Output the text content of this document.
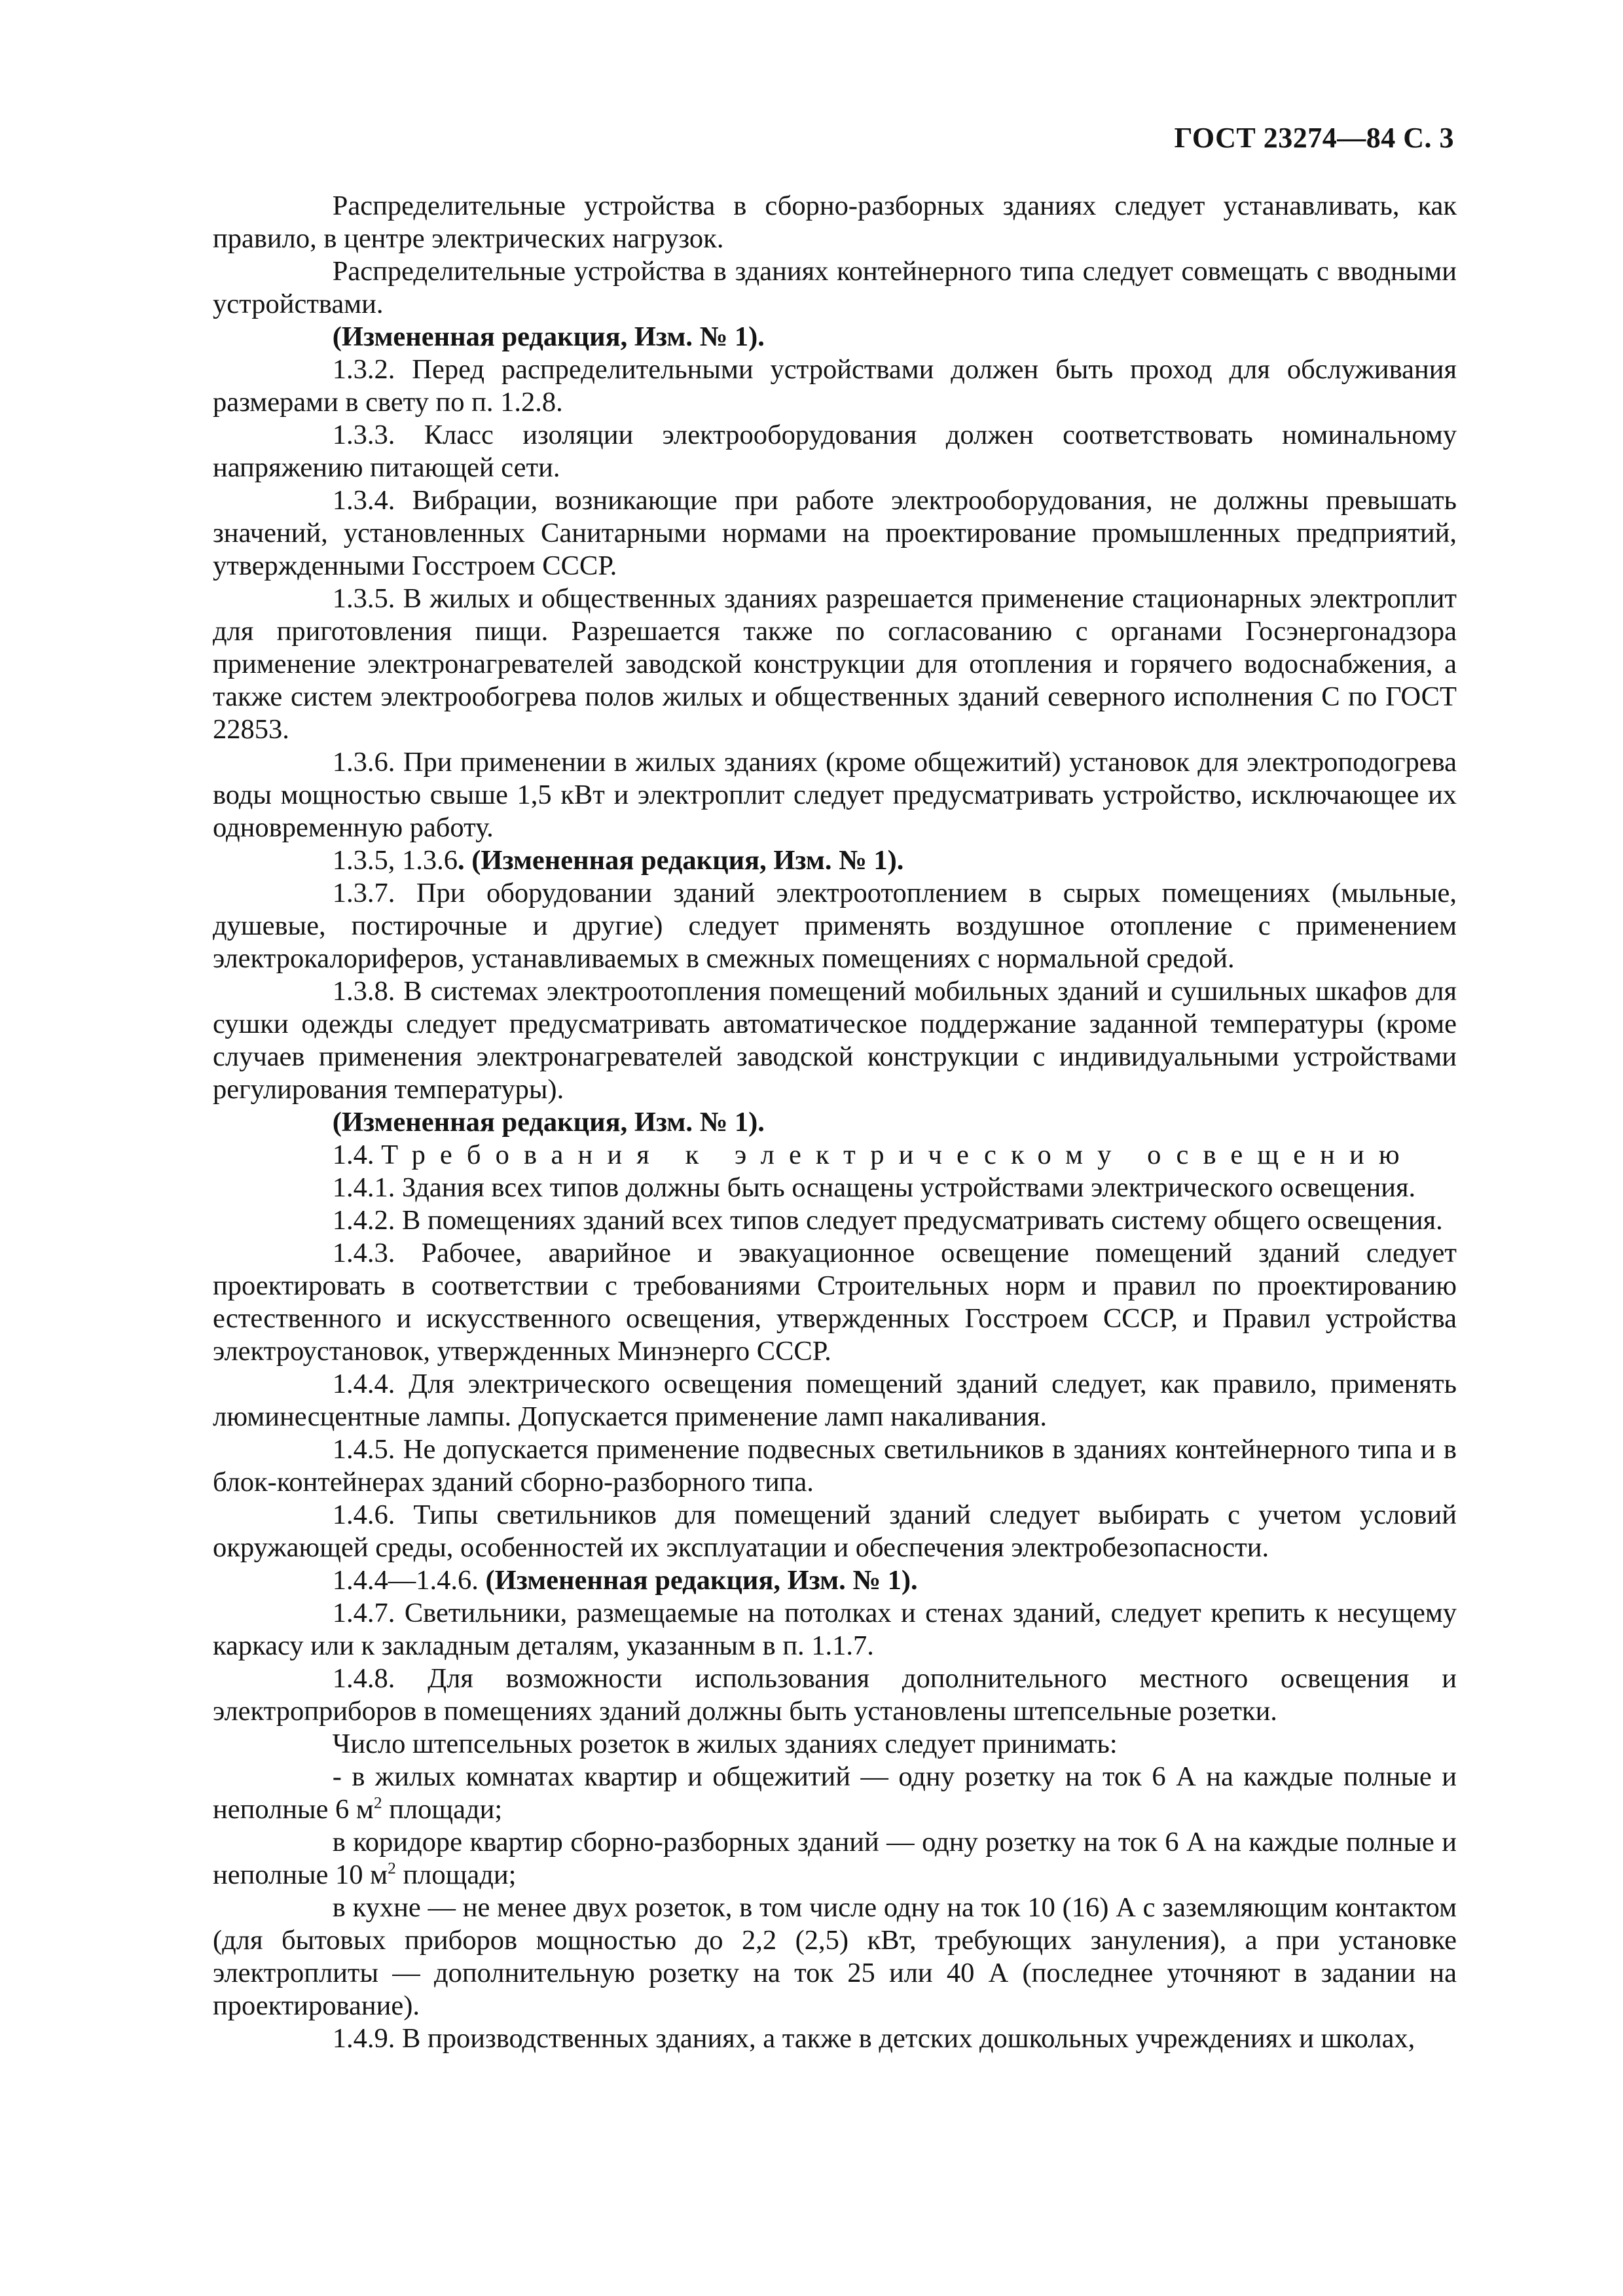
ГОСТ 23274—84 С. 3

Распределительные устройства в сборно-разборных зданиях следует устанавливать, как правило, в центре электрических нагрузок.

Распределительные устройства в зданиях контейнерного типа следует совмещать с вводными устройствами.

(Измененная редакция, Изм. № 1).

1.3.2. Перед распределительными устройствами должен быть проход для обслуживания размерами в свету по п. 1.2.8.

1.3.3. Класс изоляции электрооборудования должен соответствовать номинальному напряжению питающей сети.

1.3.4. Вибрации, возникающие при работе электрооборудования, не должны превышать значений, установленных Санитарными нормами на проектирование промышленных предприятий, утвержденными Госстроем СССР.

1.3.5. В жилых и общественных зданиях разрешается применение стационарных электроплит для приготовления пищи. Разрешается также по согласованию с органами Госэнергонадзора применение электронагревателей заводской конструкции для отопления и горячего водоснабжения, а также систем электрообогрева полов жилых и общественных зданий северного исполнения С по ГОСТ 22853.

1.3.6. При применении в жилых зданиях (кроме общежитий) установок для электроподогрева воды мощностью свыше 1,5 кВт и электроплит следует предусматривать устройство, исключающее их одновременную работу.

1.3.5, 1.3.6. (Измененная редакция, Изм. № 1).

1.3.7. При оборудовании зданий электроотоплением в сырых помещениях (мыльные, душевые, постирочные и другие) следует применять воздушное отопление с применением электрокалориферов, устанавливаемых в смежных помещениях с нормальной средой.

1.3.8. В системах электроотопления помещений мобильных зданий и сушильных шкафов для сушки одежды следует предусматривать автоматическое поддержание заданной температуры (кроме случаев применения электронагревателей заводской конструкции с индивидуальными устройствами регулирования температуры).

(Измененная редакция, Изм. № 1).

1.4. Требования к электрическому освещению

1.4.1. Здания всех типов должны быть оснащены устройствами электрического освещения.

1.4.2. В помещениях зданий всех типов следует предусматривать систему общего освещения.

1.4.3. Рабочее, аварийное и эвакуационное освещение помещений зданий следует проектировать в соответствии с требованиями Строительных норм и правил по проектированию естественного и искусственного освещения, утвержденных Госстроем СССР, и Правил устройства электроустановок, утвержденных Минэнерго СССР.

1.4.4. Для электрического освещения помещений зданий следует, как правило, применять люминесцентные лампы. Допускается применение ламп накаливания.

1.4.5. Не допускается применение подвесных светильников в зданиях контейнерного типа и в блок-контейнерах зданий сборно-разборного типа.

1.4.6. Типы светильников для помещений зданий следует выбирать с учетом условий окружающей среды, особенностей их эксплуатации и обеспечения электробезопасности.

1.4.4—1.4.6. (Измененная редакция, Изм. № 1).

1.4.7. Светильники, размещаемые на потолках и стенах зданий, следует крепить к несущему каркасу или к закладным деталям, указанным в п. 1.1.7.

1.4.8. Для возможности использования дополнительного местного освещения и электроприборов в помещениях зданий должны быть установлены штепсельные розетки.

Число штепсельных розеток в жилых зданиях следует принимать:

- в жилых комнатах квартир и общежитий — одну розетку на ток 6 А на каждые полные и неполные 6 $м^2$ площади;

в коридоре квартир сборно-разборных зданий — одну розетку на ток 6 А на каждые полные и неполные 10 $м^2$ площади;

в кухне — не менее двух розеток, в том числе одну на ток 10 (16) А с заземляющим контактом (для бытовых приборов мощностью до 2,2 (2,5) кВт, требующих зануления), а при установке электроплиты — дополнительную розетку на ток 25 или 40 А (последнее уточняют в задании на проектирование).

1.4.9. В производственных зданиях, а также в детских дошкольных учреждениях и школах,
